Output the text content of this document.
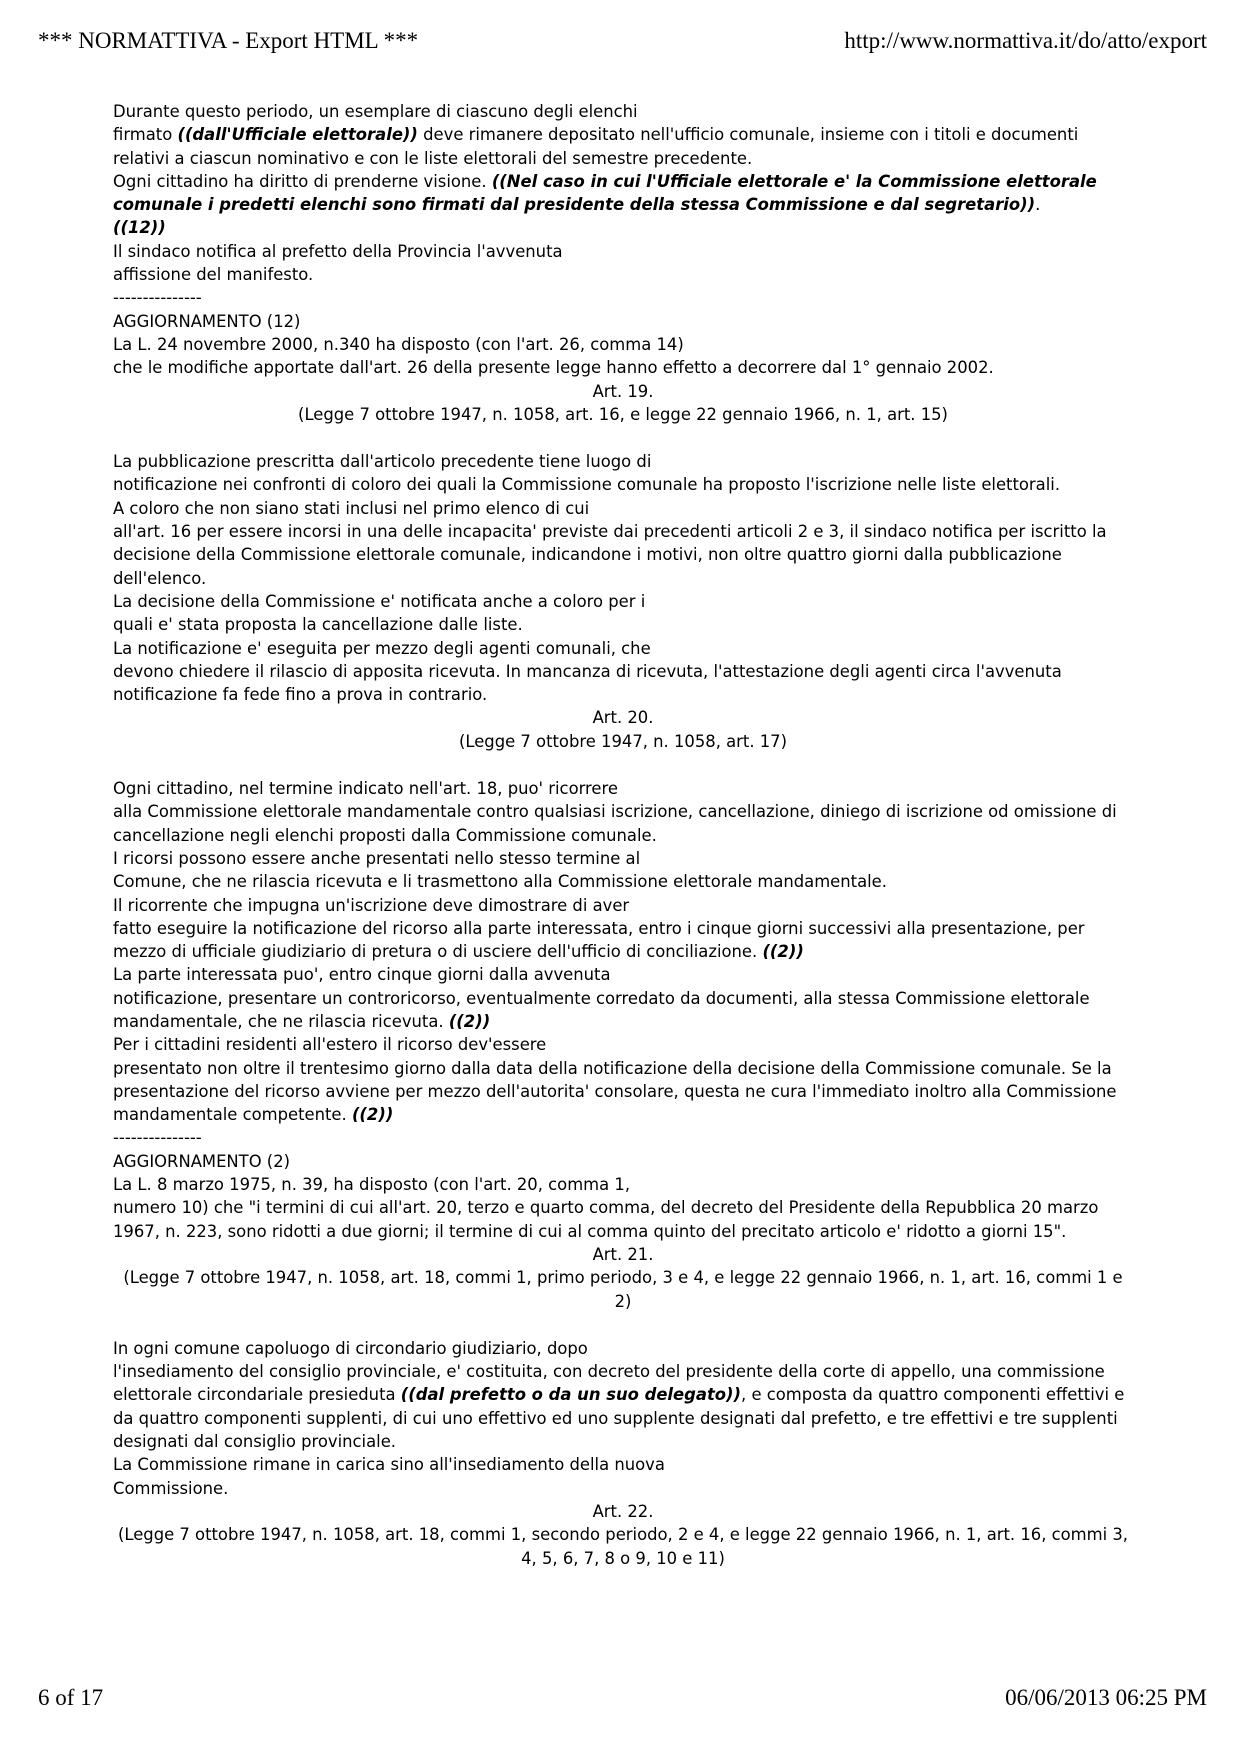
*** NORMATTIVA - Export HTML ***	http://www.normattiva.it/do/atto/export
Durante questo periodo, un esemplare di ciascuno degli elenchi
firmato ((dall'Ufficiale elettorale)) deve rimanere depositato nell'ufficio comunale, insieme con i titoli e documenti relativi a ciascun nominativo e con le liste elettorali del semestre precedente.
Ogni cittadino ha diritto di prenderne visione. ((Nel caso in cui l'Ufficiale elettorale e' la Commissione elettorale comunale i predetti elenchi sono firmati dal presidente della stessa Commissione e dal segretario)).
((12))
Il sindaco notifica al prefetto della Provincia l'avvenuta
affissione del manifesto.
---------------
AGGIORNAMENTO (12)
La L. 24 novembre 2000, n.340 ha disposto (con l'art. 26, comma 14)
che le modifiche apportate dall'art. 26 della presente legge hanno effetto a decorrere dal 1° gennaio 2002.
Art. 19.
(Legge 7 ottobre 1947, n. 1058, art. 16, e legge 22 gennaio 1966, n. 1, art. 15)
La pubblicazione prescritta dall'articolo precedente tiene luogo di
notificazione nei confronti di coloro dei quali la Commissione comunale ha proposto l'iscrizione nelle liste elettorali.
A coloro che non siano stati inclusi nel primo elenco di cui
all'art. 16 per essere incorsi in una delle incapacita' previste dai precedenti articoli 2 e 3, il sindaco notifica per iscritto la decisione della Commissione elettorale comunale, indicandone i motivi, non oltre quattro giorni dalla pubblicazione dell'elenco.
La decisione della Commissione e' notificata anche a coloro per i
quali e' stata proposta la cancellazione dalle liste.
La notificazione e' eseguita per mezzo degli agenti comunali, che
devono chiedere il rilascio di apposita ricevuta. In mancanza di ricevuta, l'attestazione degli agenti circa l'avvenuta notificazione fa fede fino a prova in contrario.
Art. 20.
(Legge 7 ottobre 1947, n. 1058, art. 17)
Ogni cittadino, nel termine indicato nell'art. 18, puo' ricorrere
alla Commissione elettorale mandamentale contro qualsiasi iscrizione, cancellazione, diniego di iscrizione od omissione di cancellazione negli elenchi proposti dalla Commissione comunale.
I ricorsi possono essere anche presentati nello stesso termine al
Comune, che ne rilascia ricevuta e li trasmettono alla Commissione elettorale mandamentale.
Il ricorrente che impugna un'iscrizione deve dimostrare di aver
fatto eseguire la notificazione del ricorso alla parte interessata, entro i cinque giorni successivi alla presentazione, per mezzo di ufficiale giudiziario di pretura o di usciere dell'ufficio di conciliazione. ((2))
La parte interessata puo', entro cinque giorni dalla avvenuta
notificazione, presentare un controricorso, eventualmente corredato da documenti, alla stessa Commissione elettorale mandamentale, che ne rilascia ricevuta. ((2))
Per i cittadini residenti all'estero il ricorso dev'essere
presentato non oltre il trentesimo giorno dalla data della notificazione della decisione della Commissione comunale. Se la presentazione del ricorso avviene per mezzo dell'autorita' consolare, questa ne cura l'immediato inoltro alla Commissione mandamentale competente. ((2))
---------------
AGGIORNAMENTO (2)
La L. 8 marzo 1975, n. 39, ha disposto (con l'art. 20, comma 1,
numero 10) che "i termini di cui all'art. 20, terzo e quarto comma, del decreto del Presidente della Repubblica 20 marzo 1967, n. 223, sono ridotti a due giorni; il termine di cui al comma quinto del precitato articolo e' ridotto a giorni 15".
Art. 21.
(Legge 7 ottobre 1947, n. 1058, art. 18, commi 1, primo periodo, 3 e 4, e legge 22 gennaio 1966, n. 1, art. 16, commi 1 e 2)
In ogni comune capoluogo di circondario giudiziario, dopo
l'insediamento del consiglio provinciale, e' costituita, con decreto del presidente della corte di appello, una commissione elettorale circondariale presieduta ((dal prefetto o da un suo delegato)), e composta da quattro componenti effettivi e da quattro componenti supplenti, di cui uno effettivo ed uno supplente designati dal prefetto, e tre effettivi e tre supplenti designati dal consiglio provinciale.
La Commissione rimane in carica sino all'insediamento della nuova
Commissione.
Art. 22.
(Legge 7 ottobre 1947, n. 1058, art. 18, commi 1, secondo periodo, 2 e 4, e legge 22 gennaio 1966, n. 1, art. 16, commi 3, 4, 5, 6, 7, 8 o 9, 10 e 11)
6 of 17	06/06/2013 06:25 PM
